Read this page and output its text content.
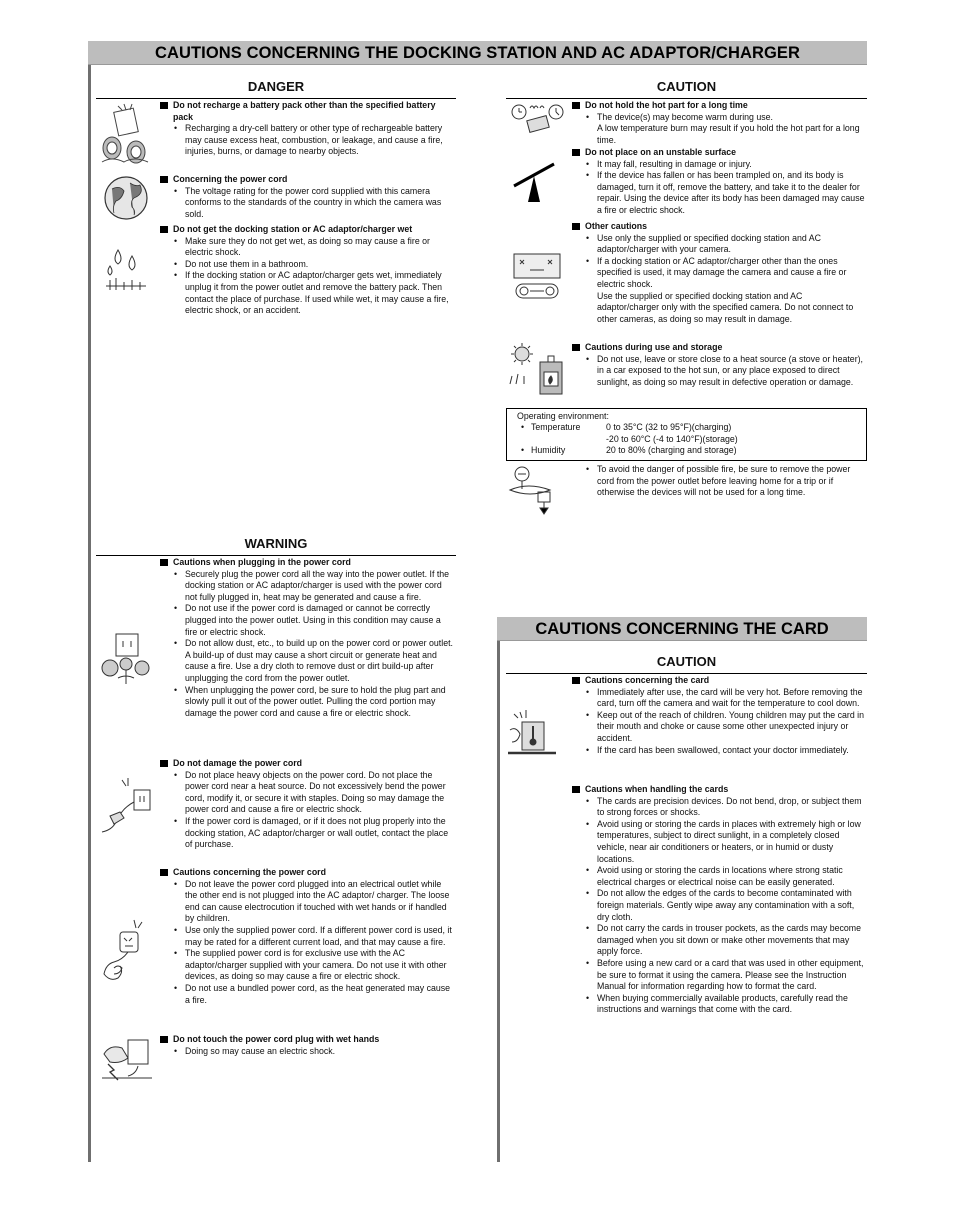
CAUTIONS CONCERNING THE DOCKING STATION AND AC ADAPTOR/CHARGER
CAUTIONS CONCERNING THE CARD
DANGER
Do not recharge a battery pack other than the specified battery pack
• Recharging a dry-cell battery or other type of rechargeable battery may cause excess heat, combustion, or leakage, and cause a fire, injuries, burns, or damage to nearby objects.
Concerning the power cord
• The voltage rating for the power cord supplied with this camera conforms to the standards of the country in which the camera was sold.
Do not get the docking station or AC adaptor/charger wet
• Make sure they do not get wet, as doing so may cause a fire or electric shock.
• Do not use them in a bathroom.
• If the docking station or AC adaptor/charger gets wet, immediately unplug it from the power outlet and remove the battery pack. Then contact the place of purchase. If used while wet, it may cause a fire, electric shock, or an accident.
CAUTION
Do not hold the hot part for a long time
• The device(s) may become warm during use.
A low temperature burn may result if you hold the hot part for a long time.
Do not place on an unstable surface
• It may fall, resulting in damage or injury.
• If the device has fallen or has been trampled on, and its body is damaged, turn it off, remove the battery, and take it to the dealer for repair. Using the device after its body has been damaged may cause a fire or electric shock.
Other cautions
• Use only the supplied or specified docking station and AC adaptor/charger with your camera.
• If a docking station or AC adaptor/charger other than the ones specified is used, it may damage the camera and cause a fire or electric shock.
Use the supplied or specified docking station and AC adaptor/charger only with the specified camera. Do not connect to other cameras, as doing so may result in damage.
Cautions during use and storage
• Do not use, leave or store close to a heat source (a stove or heater), in a car exposed to the hot sun, or any place exposed to direct sunlight, as doing so may result in defective operation or damage.
Operating environment:
• Temperature	0 to 35°C (32 to 95°F)(charging)
-20 to 60°C (-4 to 140°F)(storage)
• Humidity	20 to 80% (charging and storage)
• To avoid the danger of possible fire, be sure to remove the power cord from the power outlet before leaving home for a trip or if otherwise the devices will not be used for a long time.
WARNING
Cautions when plugging in the power cord
• Securely plug the power cord all the way into the power outlet. If the docking station or AC adaptor/charger is used with the power cord not fully plugged in, heat may be generated and cause a fire.
• Do not use if the power cord is damaged or cannot be correctly plugged into the power outlet. Using in this condition may cause a fire or electric shock.
• Do not allow dust, etc., to build up on the power cord or power outlet. A build-up of dust may cause a short circuit or generate heat and cause a fire. Use a dry cloth to remove dust or dirt build-up after unplugging the cord from the power outlet.
• When unplugging the power cord, be sure to hold the plug part and slowly pull it out of the power outlet. Pulling the cord portion may damage the power cord and cause a fire or electric shock.
Do not damage the power cord
• Do not place heavy objects on the power cord. Do not place the power cord near a heat source. Do not excessively bend the power cord, modify it, or secure it with staples. Doing so may damage the power cord and cause a fire or electric shock.
• If the power cord is damaged, or if it does not plug properly into the docking station, AC adaptor/charger or wall outlet, contact the place of purchase.
Cautions concerning the power cord
• Do not leave the power cord plugged into an electrical outlet while the other end is not plugged into the AC adaptor/ charger. The loose end can cause electrocution if touched with wet hands or if handled by children.
• Use only the supplied power cord. If a different power cord is used, it may be rated for a different current load, and that may cause a fire.
• The supplied power cord is for exclusive use with the AC adaptor/charger supplied with your camera. Do not use it with other devices, as doing so may cause a fire or electric shock.
• Do not use a bundled power cord, as the heat generated may cause a fire.
Do not touch the power cord plug with wet hands
• Doing so may cause an electric shock.
CAUTION
Cautions concerning the card
• Immediately after use, the card will be very hot. Before removing the card, turn off the camera and wait for the temperature to cool down.
• Keep out of the reach of children. Young children may put the card in their mouth and choke or cause some other unexpected injury or accident.
• If the card has been swallowed, contact your doctor immediately.
Cautions when handling the cards
• The cards are precision devices. Do not bend, drop, or subject them to strong forces or shocks.
• Avoid using or storing the cards in places with extremely high or low temperatures, subject to direct sunlight, in a completely closed vehicle, near air conditioners or heaters, or in humid or dusty locations.
• Avoid using or storing the cards in locations where strong static electrical charges or electrical noise can be easily generated.
• Do not allow the edges of the cards to become contaminated with foreign materials. Gently wipe away any contamination with a soft, dry cloth.
• Do not carry the cards in trouser pockets, as the cards may become damaged when you sit down or make other movements that may apply force.
• Before using a new card or a card that was used in other equipment, be sure to format it using the camera. Please see the Instruction Manual for information regarding how to format the card.
• When buying commercially available products, carefully read the instructions and warnings that come with the card.
